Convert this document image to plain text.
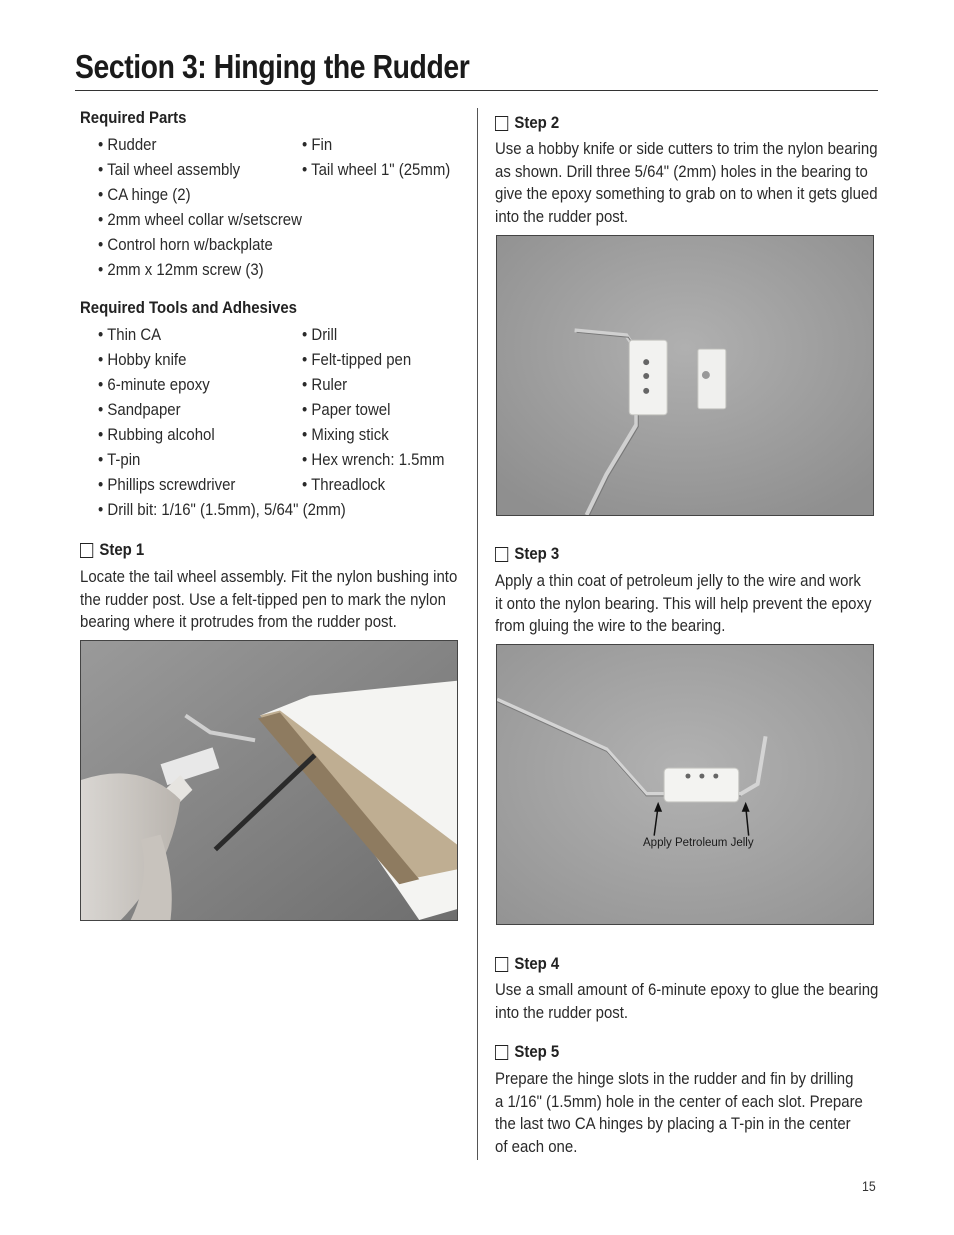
Section 3: Hinging the Rudder
Required Parts
• Rudder
• Tail wheel assembly
• CA hinge (2)
• 2mm wheel collar w/setscrew
• Control horn w/backplate
• 2mm x 12mm screw (3)
• Fin
• Tail wheel 1" (25mm)
Required Tools and Adhesives
• Thin CA
• Hobby knife
• 6-minute epoxy
• Sandpaper
• Rubbing alcohol
• T-pin
• Phillips screwdriver
• Drill bit: 1/16" (1.5mm), 5/64" (2mm)
• Drill
• Felt-tipped pen
• Ruler
• Paper towel
• Mixing stick
• Hex wrench: 1.5mm
• Threadlock
Step 1
Locate the tail wheel assembly. Fit the nylon bushing into
the rudder post. Use a felt-tipped pen to mark the nylon
bearing where it protrudes from the rudder post.
Step 2
Use a hobby knife or side cutters to trim the nylon bearing
as shown. Drill three 5/64" (2mm) holes in the bearing to
give the epoxy something to grab on to when it gets glued
into the rudder post.
Step 3
Apply a thin coat of petroleum jelly to the wire and work
it onto the nylon bearing. This will help prevent the epoxy
from gluing the wire to the bearing.
Apply Petroleum Jelly
Step 4
Use a small amount of 6-minute epoxy to glue the bearing
into the rudder post.
Step 5
Prepare the hinge slots in the rudder and fin by drilling
a 1/16" (1.5mm) hole in the center of each slot. Prepare
the last two CA hinges by placing a T-pin in the center
of each one.
15
